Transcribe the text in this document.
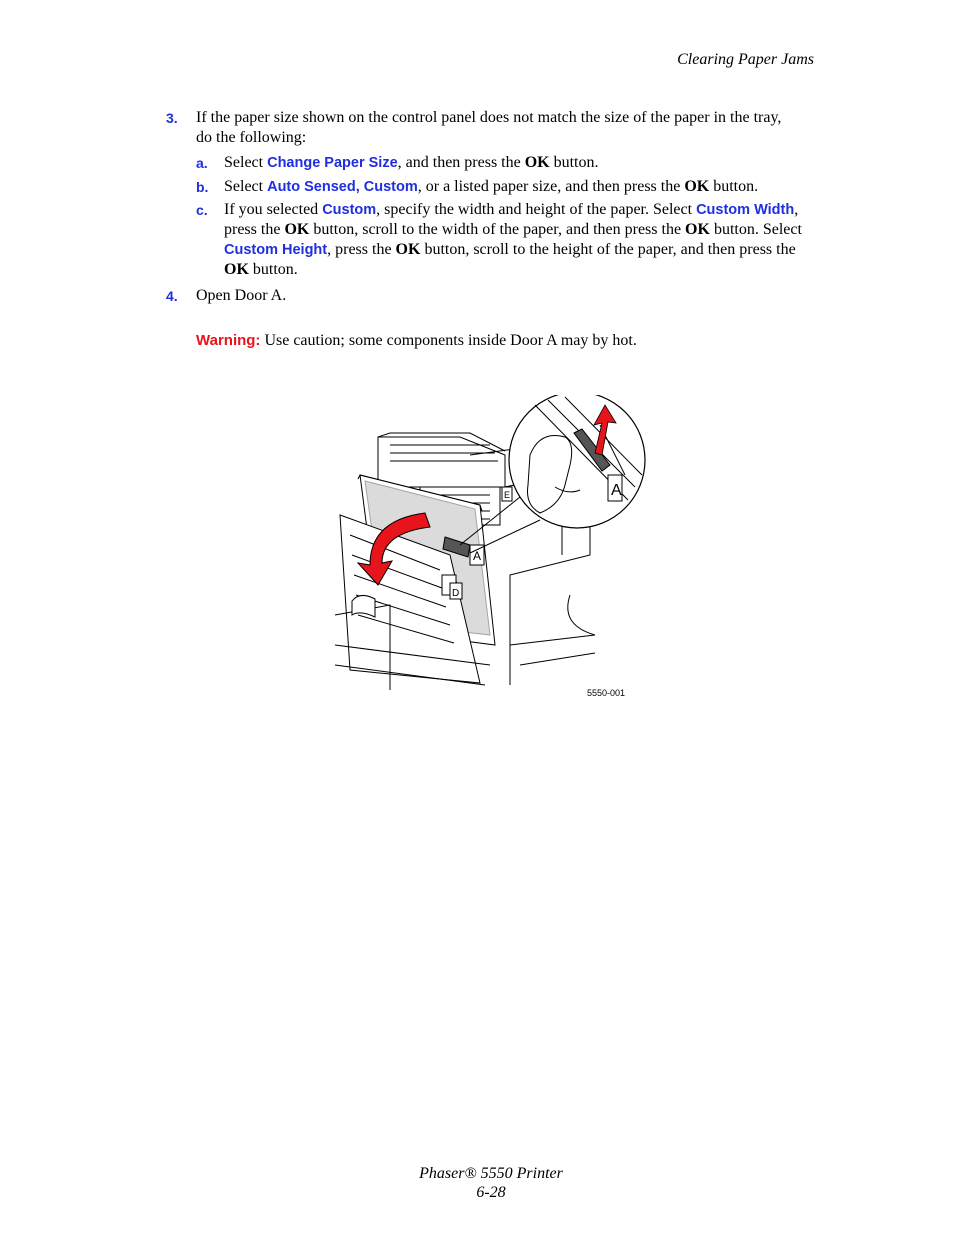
Clearing Paper Jams
3. If the paper size shown on the control panel does not match the size of the paper in the tray, do the following:
a. Select Change Paper Size, and then press the OK button.
b. Select Auto Sensed, Custom, or a listed paper size, and then press the OK button.
c. If you selected Custom, specify the width and height of the paper. Select Custom Width, press the OK button, scroll to the width of the paper, and then press the OK button. Select Custom Height, press the OK button, scroll to the height of the paper, and then press the OK button.
4. Open Door A.
Warning: Use caution; some components inside Door A may by hot.
A
D
E	A
5550-001
Phaser® 5550 Printer
6-28
